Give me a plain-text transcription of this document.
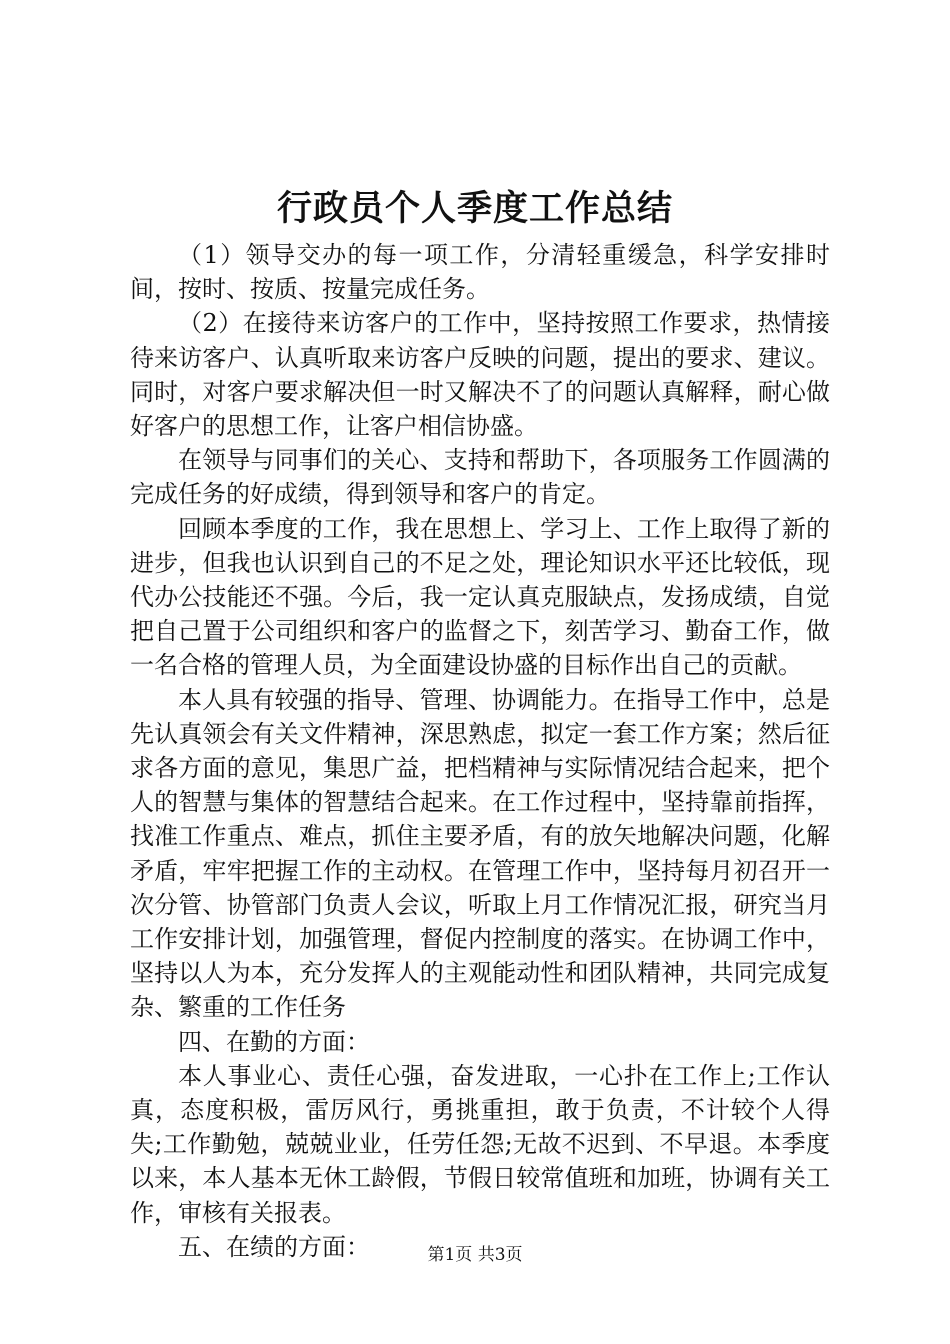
行政员个人季度工作总结

（1）领导交办的每一项工作，分清轻重缓急，科学安排时间，按时、按质、按量完成任务。

（2）在接待来访客户的工作中，坚持按照工作要求，热情接待来访客户、认真听取来访客户反映的问题，提出的要求、建议。同时，对客户要求解决但一时又解决不了的问题认真解释，耐心做好客户的思想工作，让客户相信协盛。

在领导与同事们的关心、支持和帮助下，各项服务工作圆满的完成任务的好成绩，得到领导和客户的肯定。

回顾本季度的工作，我在思想上、学习上、工作上取得了新的进步，但我也认识到自己的不足之处，理论知识水平还比较低，现代办公技能还不强。今后，我一定认真克服缺点，发扬成绩，自觉把自己置于公司组织和客户的监督之下，刻苦学习、勤奋工作，做一名合格的管理人员，为全面建设协盛的目标作出自己的贡献。

本人具有较强的指导、管理、协调能力。在指导工作中，总是先认真领会有关文件精神，深思熟虑，拟定一套工作方案；然后征求各方面的意见，集思广益，把档精神与实际情况结合起来，把个人的智慧与集体的智慧结合起来。在工作过程中，坚持靠前指挥，找准工作重点、难点，抓住主要矛盾，有的放矢地解决问题，化解矛盾，牢牢把握工作的主动权。在管理工作中，坚持每月初召开一次分管、协管部门负责人会议，听取上月工作情况汇报，研究当月工作安排计划，加强管理，督促内控制度的落实。在协调工作中，坚持以人为本，充分发挥人的主观能动性和团队精神，共同完成复杂、繁重的工作任务

四、在勤的方面：

本人事业心、责任心强，奋发进取，一心扑在工作上;工作认真，态度积极，雷厉风行，勇挑重担，敢于负责，不计较个人得失;工作勤勉，兢兢业业，任劳任怨;无故不迟到、不早退。本季度以来，本人基本无休工龄假，节假日较常值班和加班，协调有关工作，审核有关报表。

五、在绩的方面：	第1页 共3页
